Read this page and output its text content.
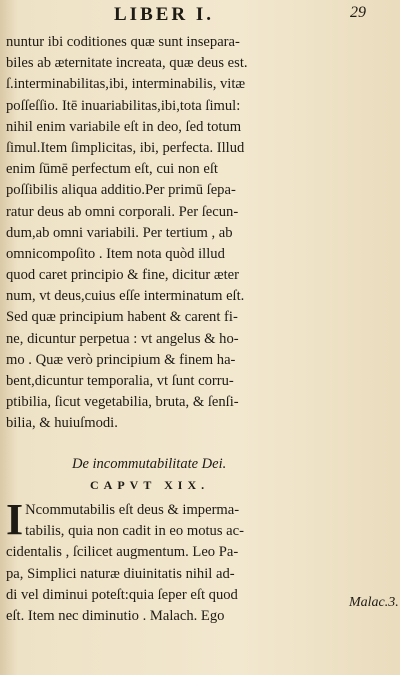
LIBER I.	29
nuntur ibi coditiones quæ sunt insepara-
biles ab æternitate increata, quæ deus est.
ſ.interminabilitas,ibi, interminabilis, vitæ
poſſeſſio. Itē inuariabilitas,ibi,tota ſimul:
nihil enim variabile eſt in deo, ſed totum
ſimul.Item ſimplicitas, ibi, perfecta. Illud
enim ſūmē perfectum eſt, cui non eſt
poſſibilis aliqua additio.Per primū ſepa-
ratur deus ab omni corporali. Per ſecun-
dum,ab omni variabili. Per tertium , ab
omnicompoſito . Item nota quòd illud
quod caret principio & fine, dicitur æter
num, vt deus,cuius eſſe interminatum eſt.
Sed quæ principium habent & carent fi-
ne, dicuntur perpetua : vt angelus & ho-
mo . Quæ verò principium & finem ha-
bent,dicuntur temporalia, vt ſunt corru-
ptibilia, ſicut vegetabilia, bruta, & ſenſi-
bilia, & huiuſmodi.
De incommutabilitate Dei.
CAPVT XIX.
I Ncommutabilis eſt deus & imperma-
tabilis, quia non cadit in eo motus ac-
cidentalis , ſcilicet augmentum. Leo Pa-
pa, Simplici naturæ diuinitatis nihil ad-
di vel diminui poteſt:quia ſeper eſt quod
eſt. Item nec diminutio . Malach. Ego
Malac.3.
